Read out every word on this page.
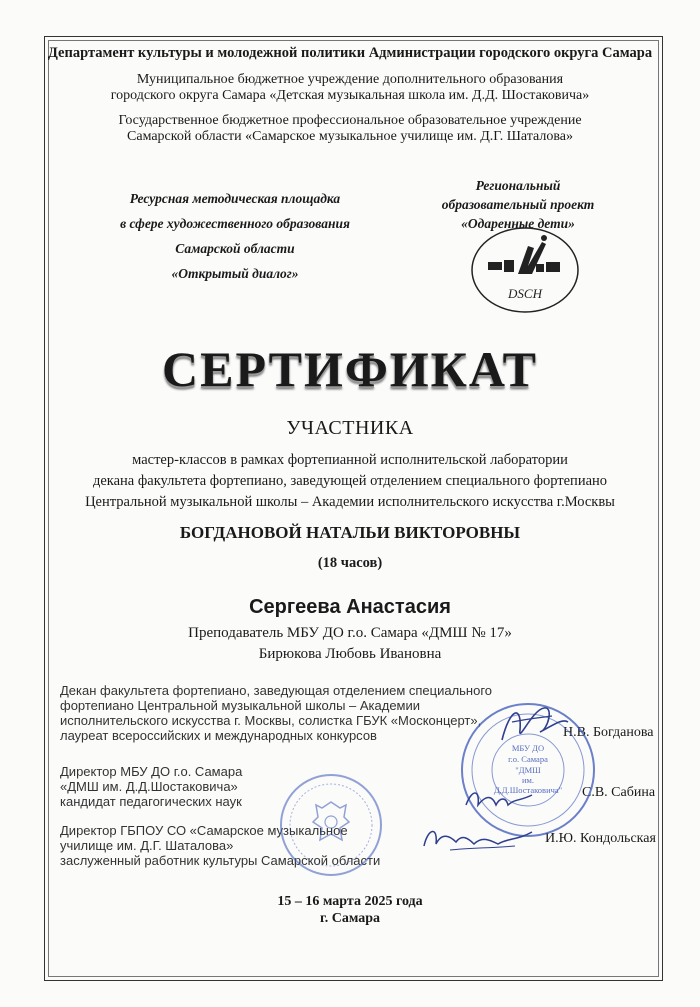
Департамент культуры и молодежной политики Администрации городского округа Самара
Муниципальное бюджетное учреждение дополнительного образования
городского округа Самара «Детская музыкальная школа им. Д.Д. Шостаковича»
Государственное бюджетное профессиональное образовательное учреждение
Самарской области «Самарское музыкальное училище им. Д.Г. Шаталова»
Ресурсная методическая площадка
в сфере художественного образования
Самарской области
«Открытый диалог»
Региональный
образовательный проект
«Одаренные дети»
DSCH
СЕРТИФИКАТ
УЧАСТНИКА
мастер-классов в рамках фортепианной исполнительской лаборатории
декана факультета фортепиано, заведующей отделением специального фортепиано
Центральной музыкальной школы – Академии исполнительского искусства г.Москвы
БОГДАНОВОЙ НАТАЛЬИ ВИКТОРОВНЫ
(18 часов)
Сергеева Анастасия
Преподаватель МБУ ДО г.о. Самара «ДМШ № 17»
Бирюкова Любовь Ивановна
Декан факультета фортепиано, заведующая отделением специального
фортепиано Центральной музыкальной школы – Академии
исполнительского искусства г. Москвы, солистка ГБУК «Москонцерт»,
лауреат всероссийских и международных конкурсов	Н.В. Богданова
Директор МБУ ДО г.о. Самара
«ДМШ им. Д.Д.Шостаковича»
кандидат педагогических наук
С.В. Сабина
Директор ГБПОУ СО «Самарское музыкальное
училище им. Д.Г. Шаталова»
заслуженный работник культуры Самарской области
И.Ю. Кондольская
МБУ ДО
г.о. Самара
"ДМШ
им.
Д.Д.Шостаковича"
15 – 16 марта 2025 года
г. Самара
